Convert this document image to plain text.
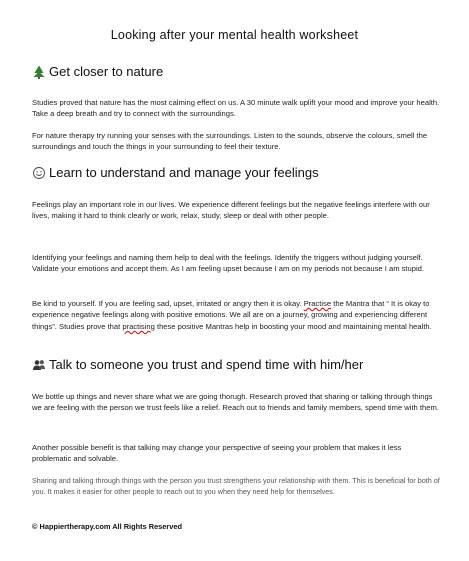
Looking after your mental health worksheet
Get closer to nature
Studies proved that nature has the most calming effect on us. A 30 minute walk uplift your mood and improve your health. Take a deep breath and try to connect with the surroundings.
For nature therapy try running your senses with the surroundings. Listen to the sounds, observe the colours, smell the surroundings and touch the things in your surrounding to feel their texture.
Learn to understand and manage your feelings
Feelings play an important role in our lives. We experience different feelings but the negative feelings interfere with our lives, making it hard to think clearly or work, relax, study, sleep or deal with other people.
Identifying your feelings and naming them help to deal with the feelings. Identify the triggers without judging yourself. Validate your emotions and accept them. As I am feeling upset because I am on my periods not because I am stupid.
Be kind to yourself. If you are feeling sad, upset, irritated or angry then it is okay. Practise the Mantra that “ It is okay to experience negative feelings along with positive emotions. We all are on a journey, growing and experiencing different things”. Studies prove that practising these positive Mantras help in boosting your mood and maintaining mental health.
Talk to someone you trust and spend time with him/her
We bottle up things and never share what we are going thorugh. Research proved that sharing or talking through things we are feeling with the person we trust feels like a relief. Reach out to friends and family members, spend time with them.
Another possible benefit is that talking may change your perspective of seeing your problem that makes it less problematic and solvable.
Sharing and talking through things with the person you trust strengthens your relationship with them. This is beneficial for both of you. It makes it easier for other people to reach out to you when they need help for themselves.
© Happiertherapy.com All Rights Reserved
